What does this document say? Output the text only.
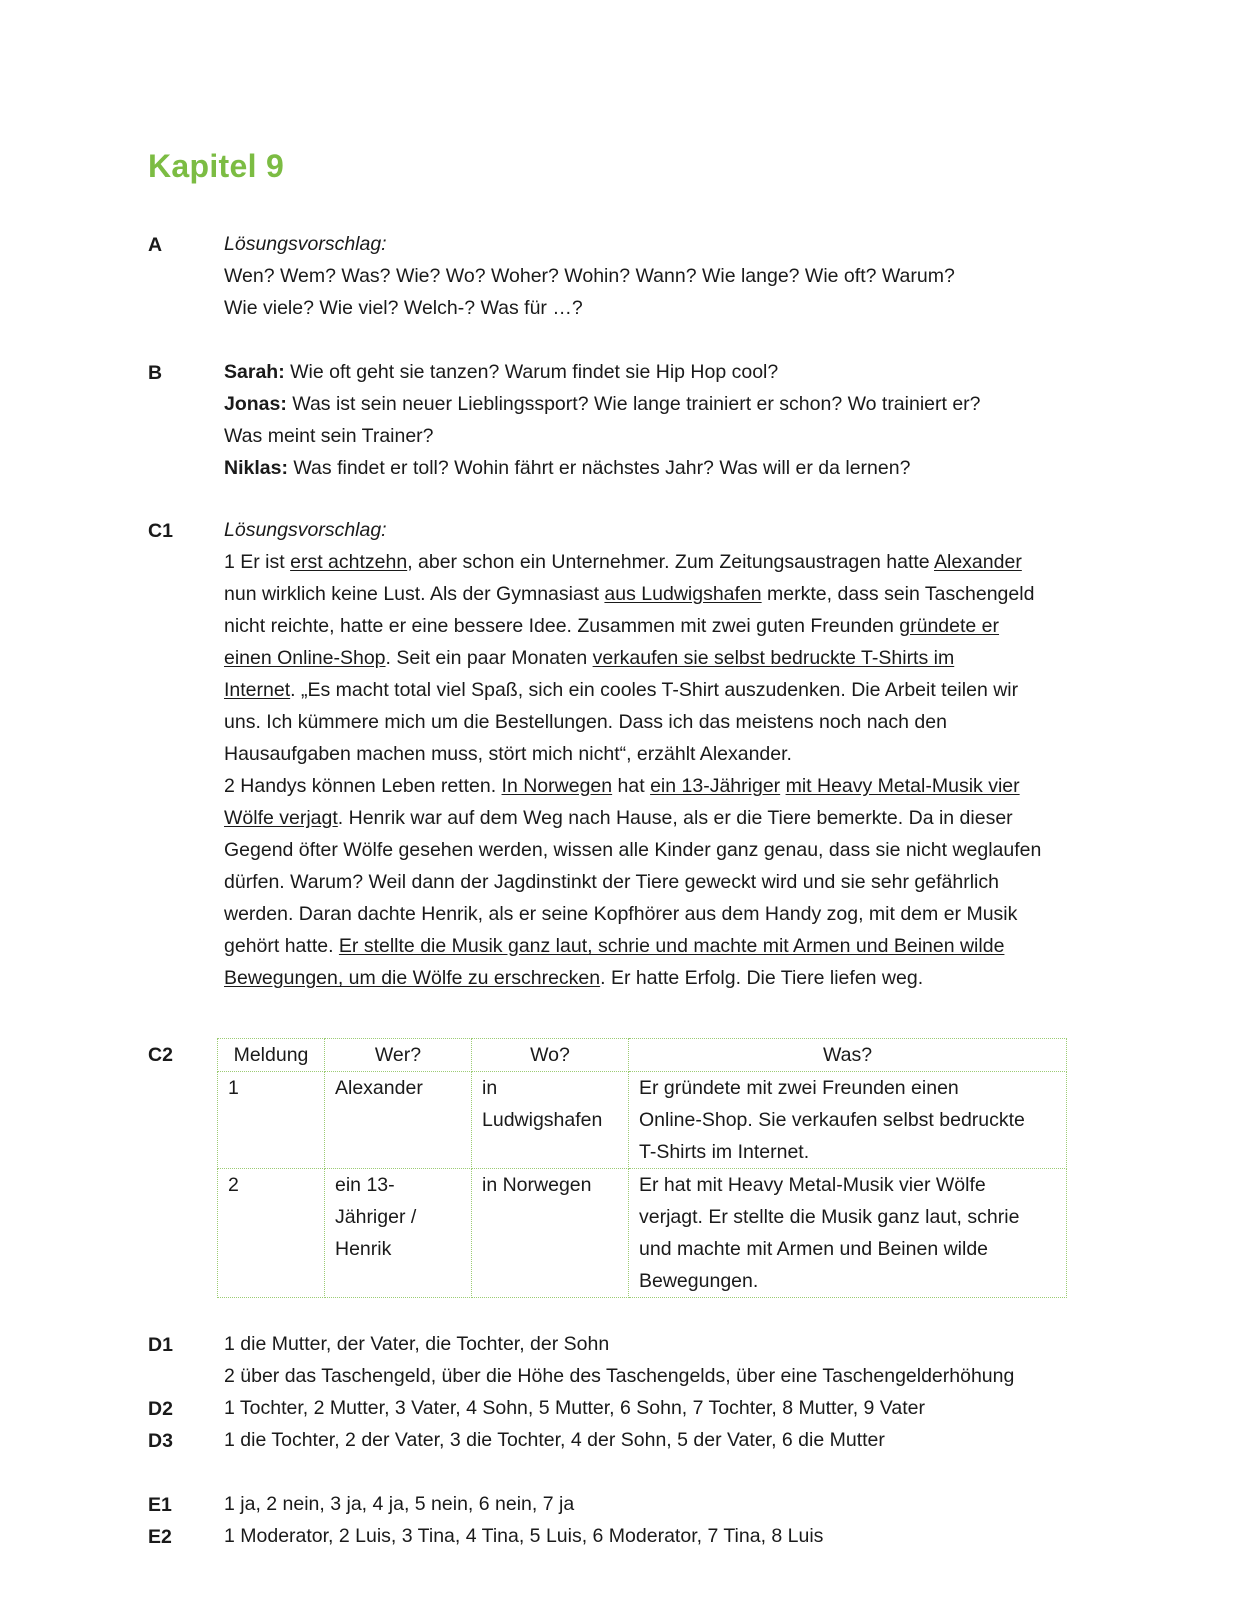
Kapitel 9
A	Lösungsvorschlag:
Wen? Wem? Was? Wie? Wo? Woher? Wohin? Wann? Wie lange? Wie oft? Warum?
Wie viele? Wie viel? Welch-? Was für …?
B	Sarah: Wie oft geht sie tanzen? Warum findet sie Hip Hop cool?
Jonas: Was ist sein neuer Lieblingssport? Wie lange trainiert er schon? Wo trainiert er?
Was meint sein Trainer?
Niklas: Was findet er toll? Wohin fährt er nächstes Jahr? Was will er da lernen?
C1	Lösungsvorschlag:
1 Er ist erst achtzehn, aber schon ein Unternehmer. Zum Zeitungsaustragen hatte Alexander
nun wirklich keine Lust. Als der Gymnasiast aus Ludwigshafen merkte, dass sein Taschengeld
nicht reichte, hatte er eine bessere Idee. Zusammen mit zwei guten Freunden gründete er
einen Online-Shop. Seit ein paar Monaten verkaufen sie selbst bedruckte T-Shirts im
Internet. „Es macht total viel Spaß, sich ein cooles T-Shirt auszudenken. Die Arbeit teilen wir
uns. Ich kümmere mich um die Bestellungen. Dass ich das meistens noch nach den
Hausaufgaben machen muss, stört mich nicht“, erzählt Alexander.
2 Handys können Leben retten. In Norwegen hat ein 13-Jähriger mit Heavy Metal-Musik vier
Wölfe verjagt. Henrik war auf dem Weg nach Hause, als er die Tiere bemerkte. Da in dieser
Gegend öfter Wölfe gesehen werden, wissen alle Kinder ganz genau, dass sie nicht weglaufen
dürfen. Warum? Weil dann der Jagdinstinkt der Tiere geweckt wird und sie sehr gefährlich
werden. Daran dachte Henrik, als er seine Kopfhörer aus dem Handy zog, mit dem er Musik
gehört hatte. Er stellte die Musik ganz laut, schrie und machte mit Armen und Beinen wilde
Bewegungen, um die Wölfe zu erschrecken. Er hatte Erfolg. Die Tiere liefen weg.
C2	Meldung	Wer?	Wo?	Was?
1	Alexander	in
Ludwigshafen	Er gründete mit zwei Freunden einen
Online-Shop. Sie verkaufen selbst bedruckte
T-Shirts im Internet.
2	ein 13-
Jähriger /
Henrik	in Norwegen	Er hat mit Heavy Metal-Musik vier Wölfe
verjagt. Er stellte die Musik ganz laut, schrie
und machte mit Armen und Beinen wilde
Bewegungen.
D1	1 die Mutter, der Vater, die Tochter, der Sohn
2 über das Taschengeld, über die Höhe des Taschengelds, über eine Taschengelderhöhung
D2	1 Tochter, 2 Mutter, 3 Vater, 4 Sohn, 5 Mutter, 6 Sohn, 7 Tochter, 8 Mutter, 9 Vater
D3	1 die Tochter, 2 der Vater, 3 die Tochter, 4 der Sohn, 5 der Vater, 6 die Mutter
E1	1 ja, 2 nein, 3 ja, 4 ja, 5 nein, 6 nein, 7 ja
E2	1 Moderator, 2 Luis, 3 Tina, 4 Tina, 5 Luis, 6 Moderator, 7 Tina, 8 Luis
